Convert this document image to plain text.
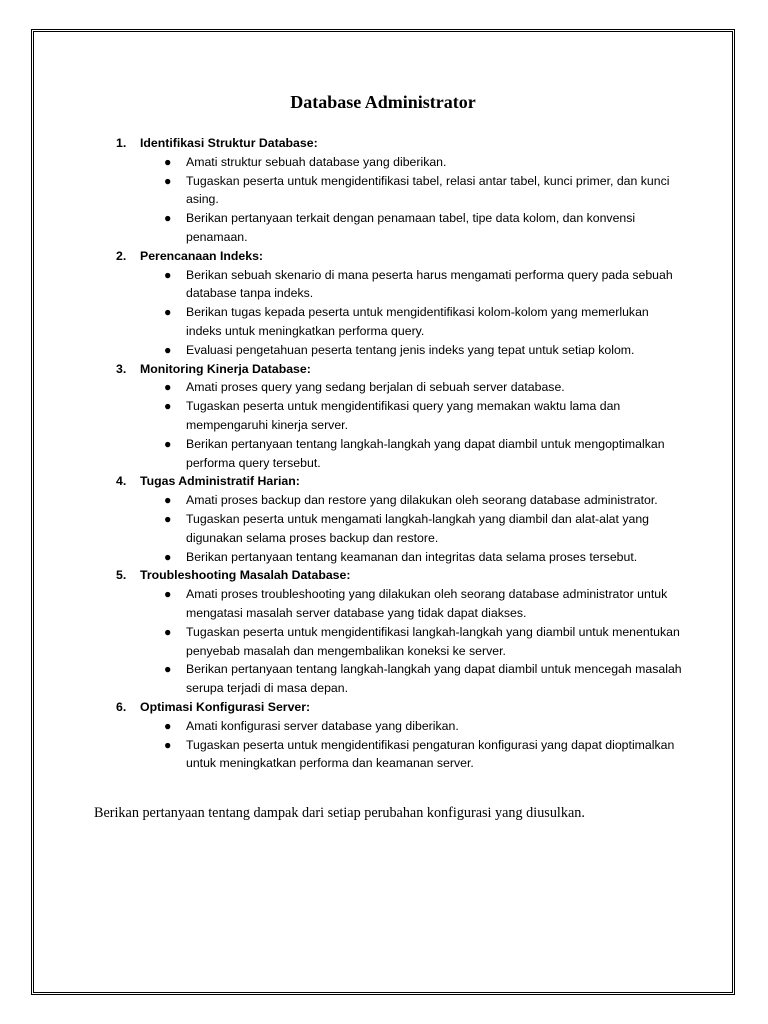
Database Administrator
1. Identifikasi Struktur Database:
● Amati struktur sebuah database yang diberikan.
● Tugaskan peserta untuk mengidentifikasi tabel, relasi antar tabel, kunci primer, dan kunci asing.
● Berikan pertanyaan terkait dengan penamaan tabel, tipe data kolom, dan konvensi penamaan.
2. Perencanaan Indeks:
● Berikan sebuah skenario di mana peserta harus mengamati performa query pada sebuah database tanpa indeks.
● Berikan tugas kepada peserta untuk mengidentifikasi kolom-kolom yang memerlukan indeks untuk meningkatkan performa query.
● Evaluasi pengetahuan peserta tentang jenis indeks yang tepat untuk setiap kolom.
3. Monitoring Kinerja Database:
● Amati proses query yang sedang berjalan di sebuah server database.
● Tugaskan peserta untuk mengidentifikasi query yang memakan waktu lama dan mempengaruhi kinerja server.
● Berikan pertanyaan tentang langkah-langkah yang dapat diambil untuk mengoptimalkan performa query tersebut.
4. Tugas Administratif Harian:
● Amati proses backup dan restore yang dilakukan oleh seorang database administrator.
● Tugaskan peserta untuk mengamati langkah-langkah yang diambil dan alat-alat yang digunakan selama proses backup dan restore.
● Berikan pertanyaan tentang keamanan dan integritas data selama proses tersebut.
5. Troubleshooting Masalah Database:
● Amati proses troubleshooting yang dilakukan oleh seorang database administrator untuk mengatasi masalah server database yang tidak dapat diakses.
● Tugaskan peserta untuk mengidentifikasi langkah-langkah yang diambil untuk menentukan penyebab masalah dan mengembalikan koneksi ke server.
● Berikan pertanyaan tentang langkah-langkah yang dapat diambil untuk mencegah masalah serupa terjadi di masa depan.
6. Optimasi Konfigurasi Server:
● Amati konfigurasi server database yang diberikan.
● Tugaskan peserta untuk mengidentifikasi pengaturan konfigurasi yang dapat dioptimalkan untuk meningkatkan performa dan keamanan server.

Berikan pertanyaan tentang dampak dari setiap perubahan konfigurasi yang diusulkan.
